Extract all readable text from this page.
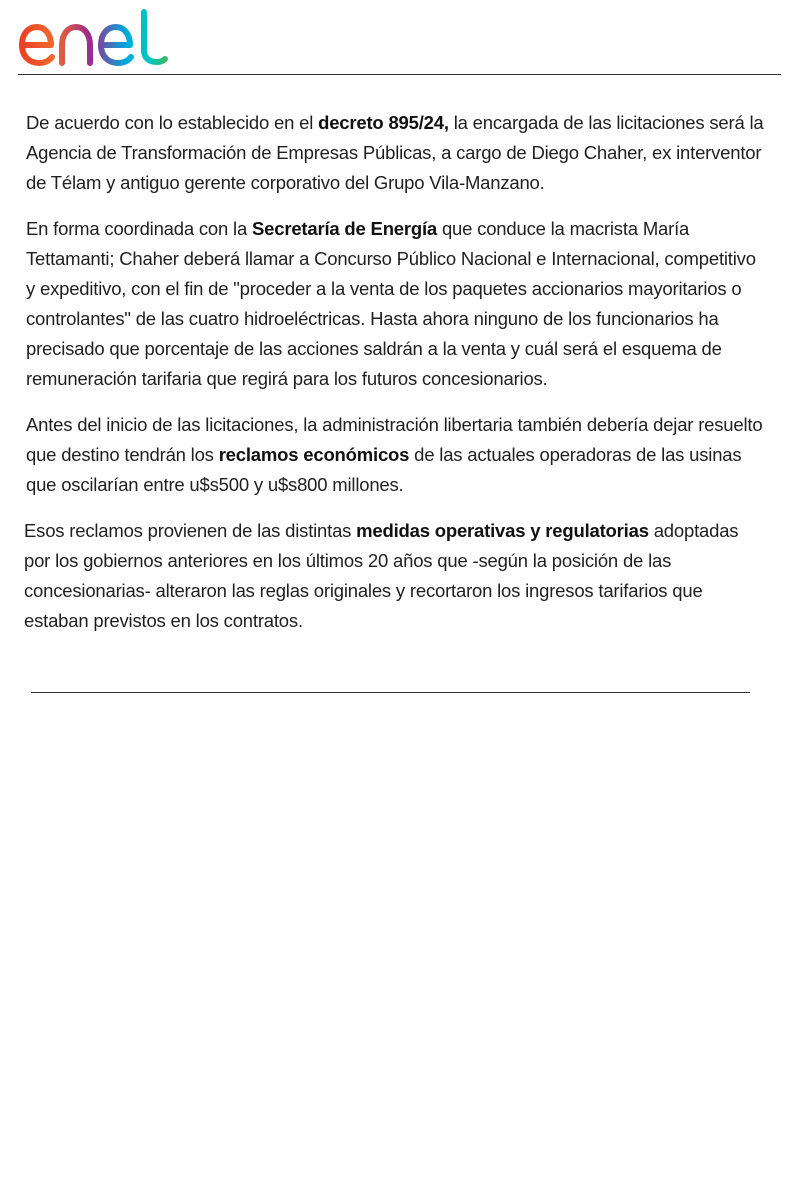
De acuerdo con lo establecido en el decreto 895/24, la encargada de las licitaciones será la Agencia de Transformación de Empresas Públicas, a cargo de Diego Chaher, ex interventor de Télam y antiguo gerente corporativo del Grupo Vila-Manzano.

En forma coordinada con la Secretaría de Energía que conduce la macrista María Tettamanti; Chaher deberá llamar a Concurso Público Nacional e Internacional, competitivo y expeditivo, con el fin de "proceder a la venta de los paquetes accionarios mayoritarios o controlantes" de las cuatro hidroeléctricas. Hasta ahora ninguno de los funcionarios ha precisado que porcentaje de las acciones saldrán a la venta y cuál será el esquema de remuneración tarifaria que regirá para los futuros concesionarios.

Antes del inicio de las licitaciones, la administración libertaria también debería dejar resuelto que destino tendrán los reclamos económicos de las actuales operadoras de las usinas que oscilarían entre u$s500 y u$s800 millones.

Esos reclamos provienen de las distintas medidas operativas y regulatorias adoptadas por los gobiernos anteriores en los últimos 20 años que -según la posición de las concesionarias- alteraron las reglas originales y recortaron los ingresos tarifarios que estaban previstos en los contratos.
